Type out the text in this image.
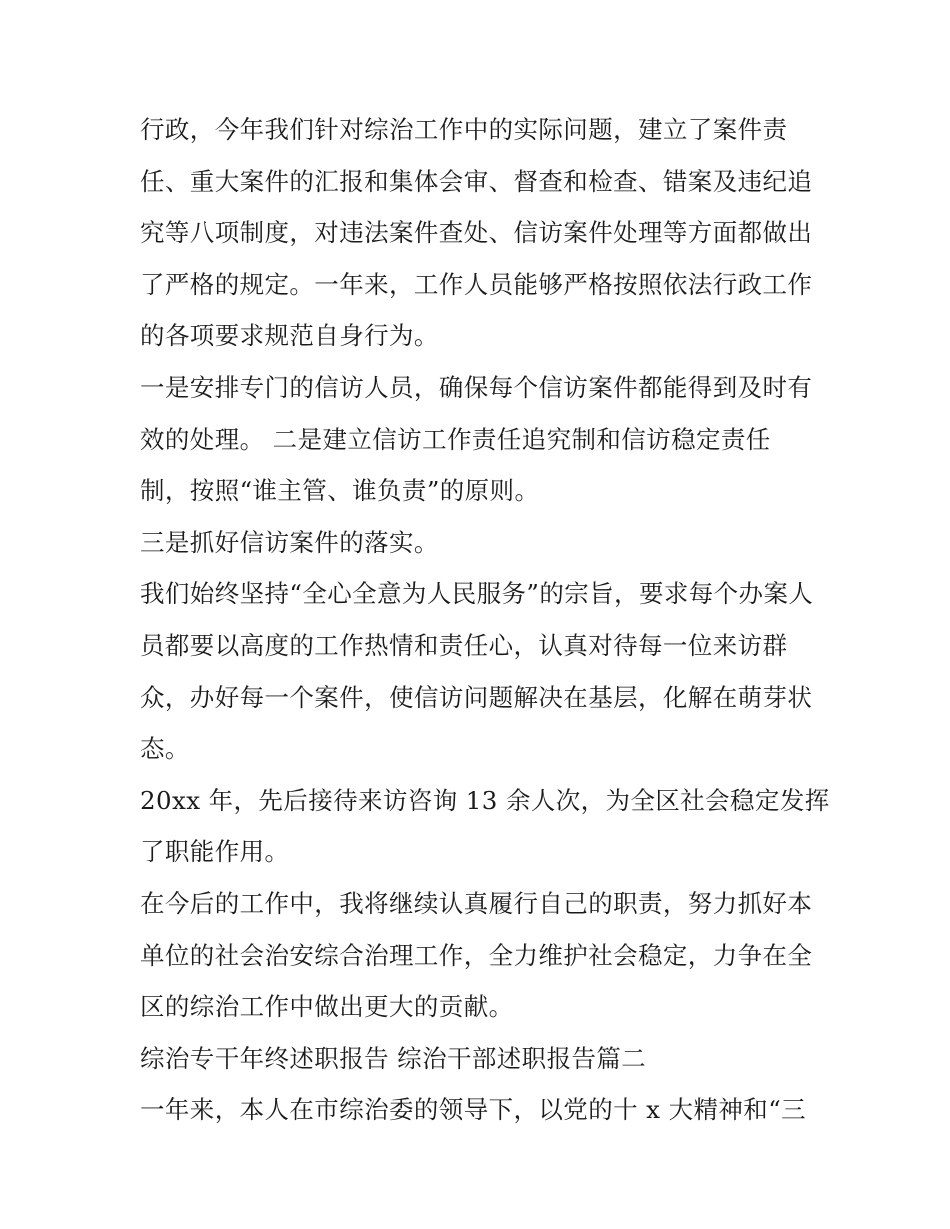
行政，今年我们针对综治工作中的实际问题，建立了案件责
任、重大案件的汇报和集体会审、督查和检查、错案及违纪追
究等八项制度，对违法案件查处、信访案件处理等方面都做出
了严格的规定。一年来，工作人员能够严格按照依法行政工作
的各项要求规范自身行为。
一是安排专门的信访人员，确保每个信访案件都能得到及时有
效的处理。 二是建立信访工作责任追究制和信访稳定责任
制，按照“谁主管、谁负责”的原则。
三是抓好信访案件的落实。
我们始终坚持“全心全意为人民服务”的宗旨，要求每个办案人
员都要以高度的工作热情和责任心，认真对待每一位来访群
众，办好每一个案件，使信访问题解决在基层，化解在萌芽状
态。
20xx 年，先后接待来访咨询 13 余人次，为全区社会稳定发挥
了职能作用。
在今后的工作中，我将继续认真履行自己的职责，努力抓好本
单位的社会治安综合治理工作，全力维护社会稳定，力争在全
区的综治工作中做出更大的贡献。
综治专干年终述职报告 综治干部述职报告篇二
一年来，本人在市综治委的领导下，以党的十 x 大精神和“三
